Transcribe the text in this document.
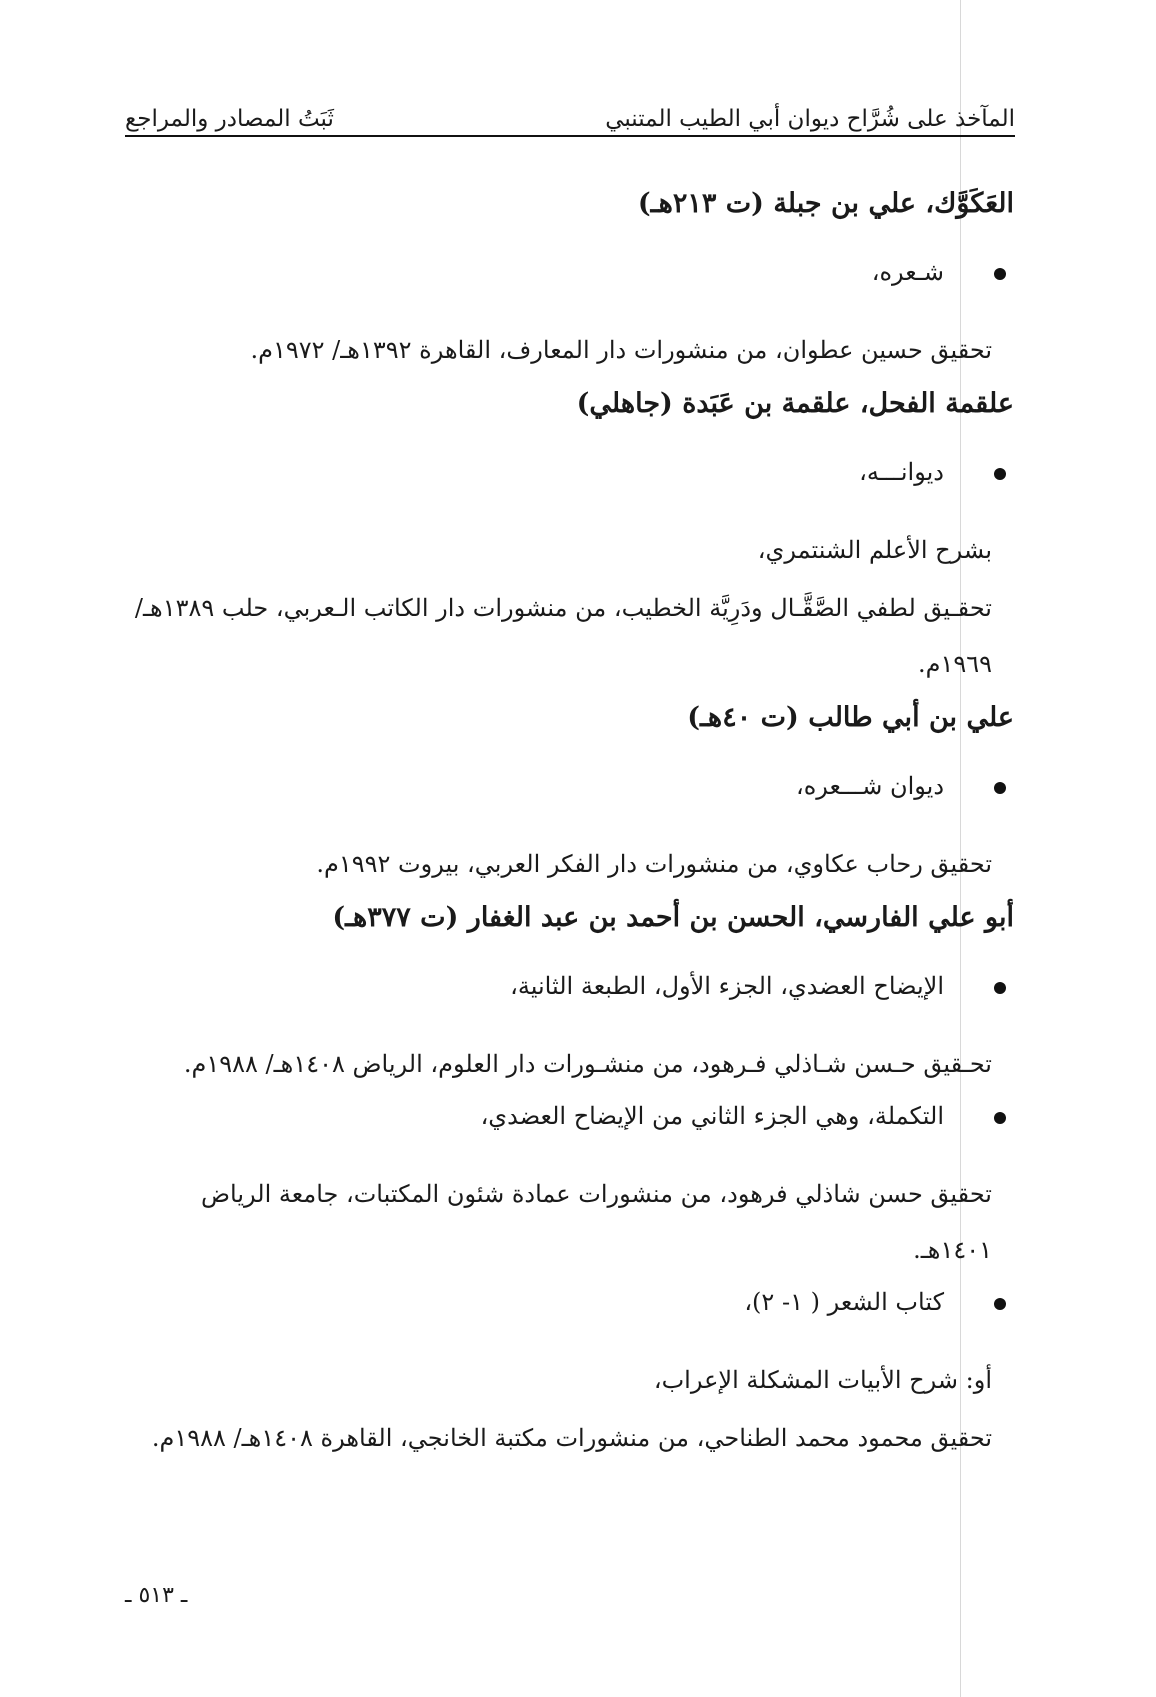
المآخذ على شُرَّاح ديوان أبي الطيب المتنبي
ثَبَتُ المصادر والمراجع
العَكَوَّك، علي بن جبلة (ت ٢١٣هـ)
شـعره،
تحقيق حسين عطوان، من منشورات دار المعارف، القاهرة ١٣٩٢هـ/ ١٩٧٢م.
علقمة الفحل، علقمة بن عَبَدة (جاهلي)
ديوانـــه،
بشرح الأعلم الشنتمري،
تحقـيق لطفي الصَّقَّـال ودَرِيَّة الخطيب، من منشورات دار الكاتب الـعربي، حلب ١٣٨٩هـ/ ١٩٦٩م.
علي بن أبي طالب (ت ٤٠هـ)
ديوان شـــعره،
تحقيق رحاب عكاوي، من منشورات دار الفكر العربي، بيروت ١٩٩٢م.
أبو علي الفارسي، الحسن بن أحمد بن عبد الغفار (ت ٣٧٧هـ)
الإيضاح العضدي، الجزء الأول، الطبعة الثانية،
تحـقيق حـسن شـاذلي فـرهود، من منشـورات دار العلوم، الرياض ١٤٠٨هـ/ ١٩٨٨م.
التكملة، وهي الجزء الثاني من الإيضاح العضدي،
تحقيق حسن شاذلي فرهود، من منشورات عمادة شئون المكتبات، جامعة الرياض ١٤٠١هـ.
كتاب الشعر ( ١- ٢)،
أو: شرح الأبيات المشكلة الإعراب،
تحقيق محمود محمد الطناحي، من منشورات مكتبة الخانجي، القاهرة ١٤٠٨هـ/ ١٩٨٨م.
ـ ٥١٣ ـ
